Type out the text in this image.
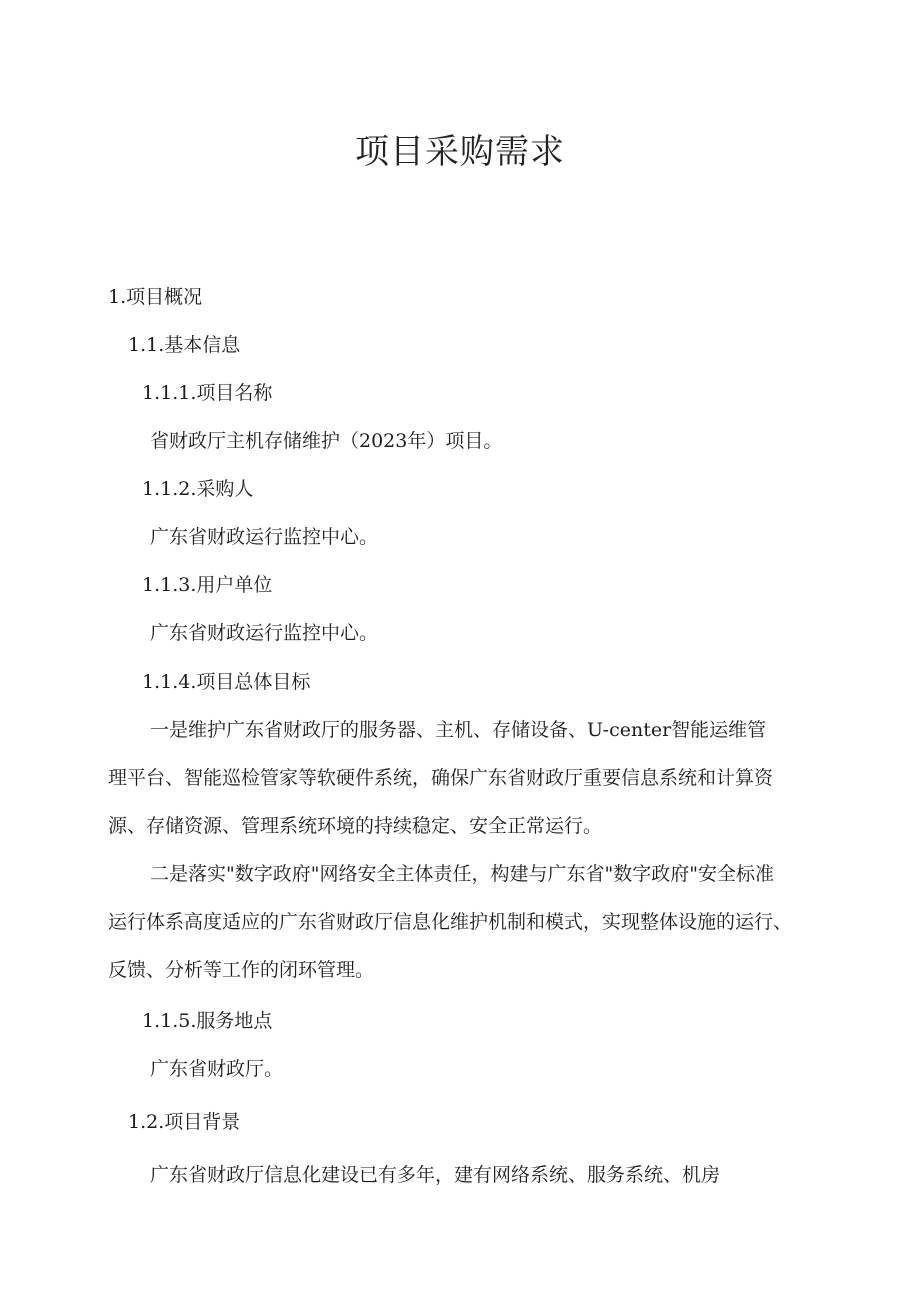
项目采购需求
1.项目概况
1.1.基本信息
1.1.1.项目名称
省财政厅主机存储维护（2023年）项目。
1.1.2.采购人
广东省财政运行监控中心。
1.1.3.用户单位
广东省财政运行监控中心。
1.1.4.项目总体目标
一是维护广东省财政厅的服务器、主机、存储设备、U-center智能运维管
理平台、智能巡检管家等软硬件系统，确保广东省财政厅重要信息系统和计算资
源、存储资源、管理系统环境的持续稳定、安全正常运行。
二是落实"数字政府"网络安全主体责任，构建与广东省"数字政府"安全标准
运行体系高度适应的广东省财政厅信息化维护机制和模式，实现整体设施的运行、
反馈、分析等工作的闭环管理。
1.1.5.服务地点
广东省财政厅。
1.2.项目背景
广东省财政厅信息化建设已有多年，建有网络系统、服务系统、机房
